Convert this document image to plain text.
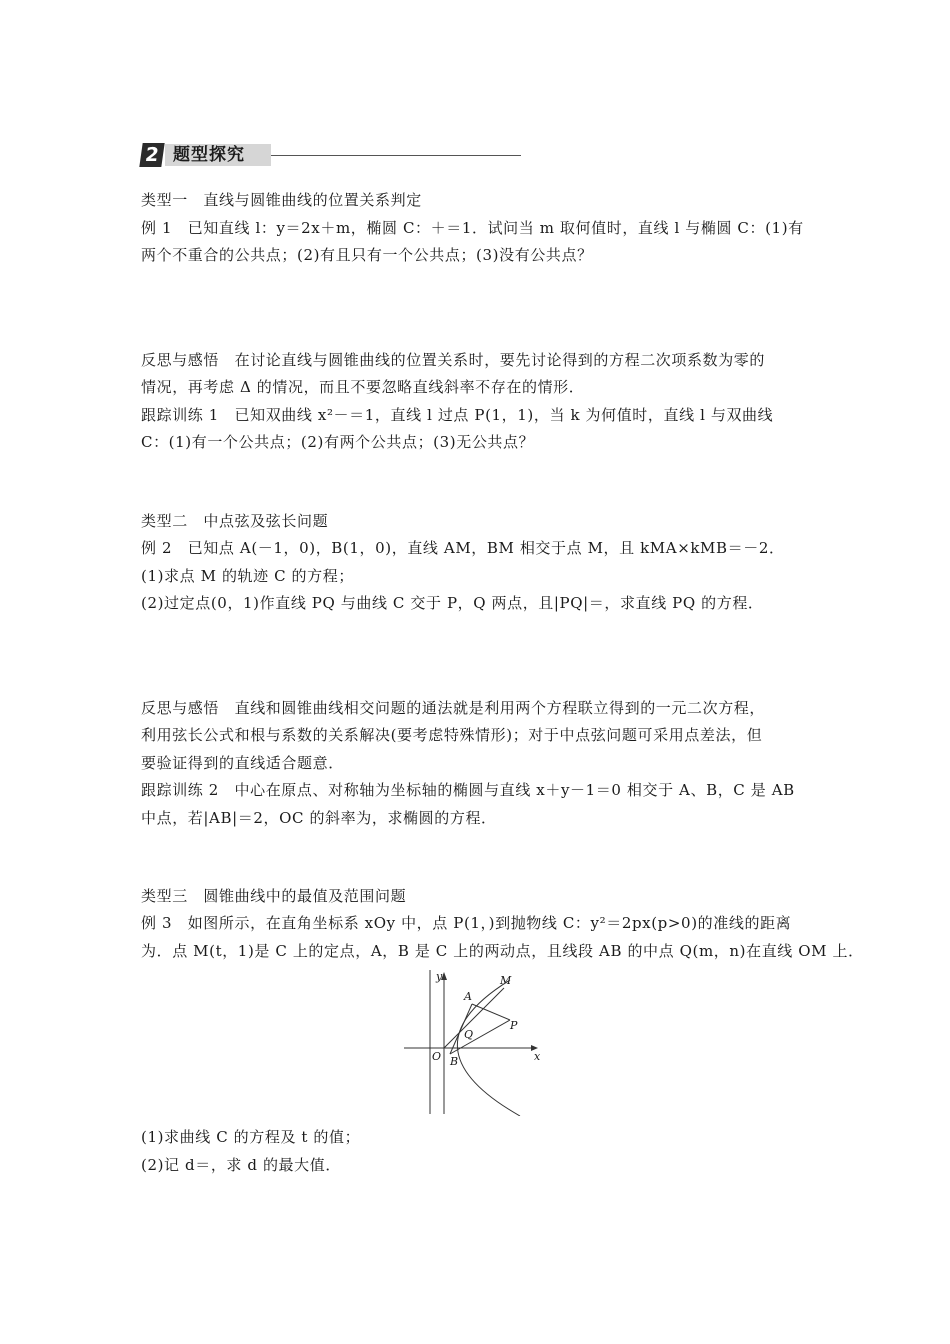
2 题型探究
类型一　直线与圆锥曲线的位置关系判定
例 1　已知直线 l：y＝2x＋m，椭圆 C：＋＝1．试问当 m 取何值时，直线 l 与椭圆 C：(1)有
两个不重合的公共点；(2)有且只有一个公共点；(3)没有公共点？
反思与感悟　在讨论直线与圆锥曲线的位置关系时，要先讨论得到的方程二次项系数为零的
情况，再考虑 Δ 的情况，而且不要忽略直线斜率不存在的情形．
跟踪训练 1　已知双曲线 x²－＝1，直线 l 过点 P(1，1)，当 k 为何值时，直线 l 与双曲线
C：(1)有一个公共点；(2)有两个公共点；(3)无公共点？
类型二　中点弦及弦长问题
例 2　已知点 A(－1，0)，B(1，0)，直线 AM，BM 相交于点 M，且 kMA×kMB＝－2．
(1)求点 M 的轨迹 C 的方程；
(2)过定点(0，1)作直线 PQ 与曲线 C 交于 P，Q 两点，且|PQ|＝，求直线 PQ 的方程．
反思与感悟　直线和圆锥曲线相交问题的通法就是利用两个方程联立得到的一元二次方程，
利用弦长公式和根与系数的关系解决(要考虑特殊情形)；对于中点弦问题可采用点差法，但
要验证得到的直线适合题意．
跟踪训练 2　中心在原点、对称轴为坐标轴的椭圆与直线 x＋y－1＝0 相交于 A、B，C 是 AB
中点，若|AB|＝2，OC 的斜率为，求椭圆的方程．
类型三　圆锥曲线中的最值及范围问题
例 3　如图所示，在直角坐标系 xOy 中，点 P(1，)到抛物线 C：y²＝2px(p>0)的准线的距离
为．点 M(t，1)是 C 上的定点，A，B 是 C 上的两动点，且线段 AB 的中点 Q(m，n)在直线 OM 上．
y
x
O
A
B
M
P
Q
(1)求曲线 C 的方程及 t 的值；
(2)记 d＝，求 d 的最大值．
